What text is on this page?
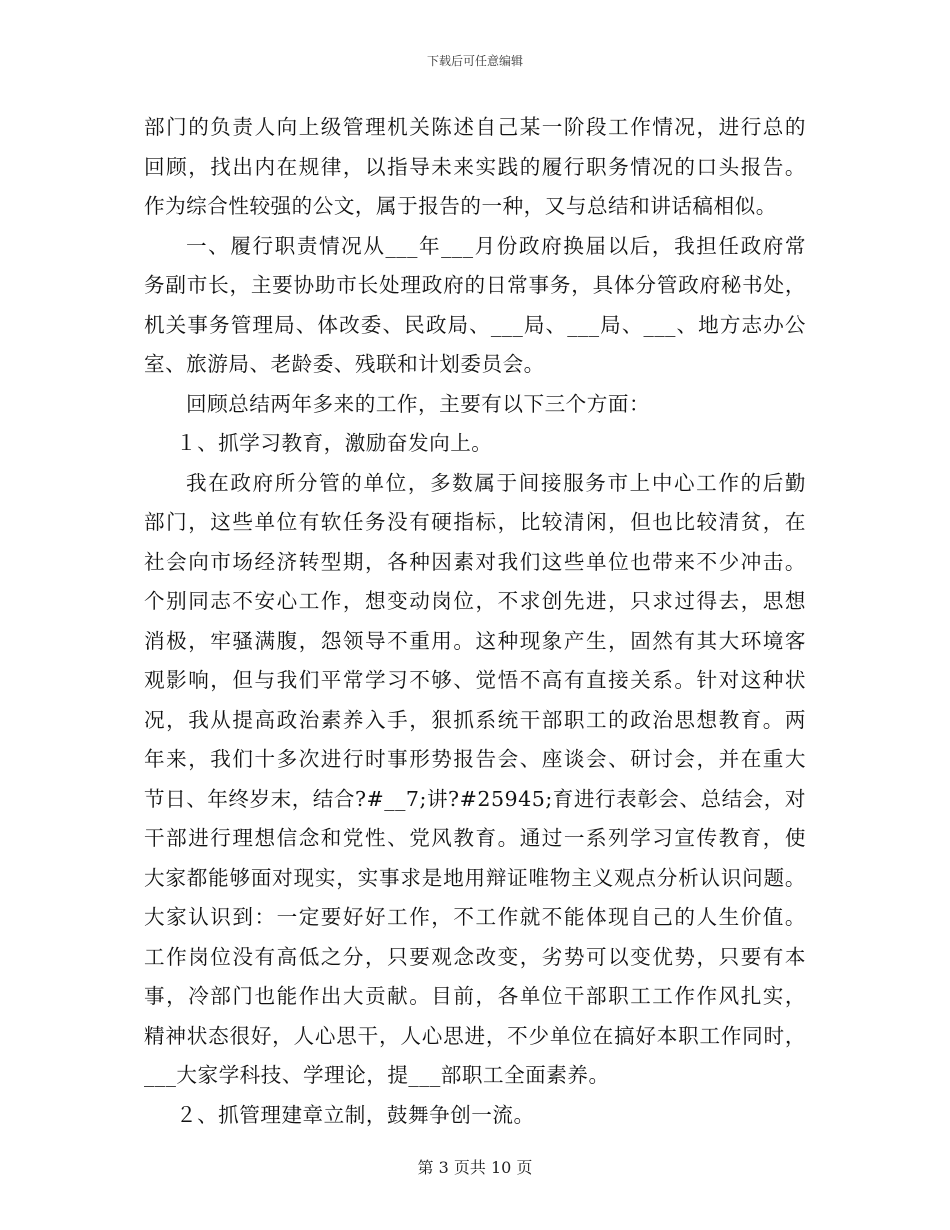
下载后可任意编辑
部门的负责人向上级管理机关陈述自己某一阶段工作情况，进行总的
回顾，找出内在规律，以指导未来实践的履行职务情况的口头报告。
作为综合性较强的公文，属于报告的一种，又与总结和讲话稿相似。
一、履行职责情况从___年___月份政府换届以后，我担任政府常
务副市长，主要协助市长处理政府的日常事务，具体分管政府秘书处，
机关事务管理局、体改委、民政局、___局、___局、___、地方志办公
室、旅游局、老龄委、残联和计划委员会。
回顾总结两年多来的工作，主要有以下三个方面：
１、抓学习教育，激励奋发向上。
我在政府所分管的单位，多数属于间接服务市上中心工作的后勤
部门，这些单位有软任务没有硬指标，比较清闲，但也比较清贫，在
社会向市场经济转型期，各种因素对我们这些单位也带来不少冲击。
个别同志不安心工作，想变动岗位，不求创先进，只求过得去，思想
消极，牢骚满腹，怨领导不重用。这种现象产生，固然有其大环境客
观影响，但与我们平常学习不够、觉悟不高有直接关系。针对这种状
况，我从提高政治素养入手，狠抓系统干部职工的政治思想教育。两
年来，我们十多次进行时事形势报告会、座谈会、研讨会，并在重大
节日、年终岁末，结合?#__7;讲?#25945;育进行表彰会、总结会，对
干部进行理想信念和党性、党风教育。通过一系列学习宣传教育，使
大家都能够面对现实，实事求是地用辩证唯物主义观点分析认识问题。
大家认识到：一定要好好工作，不工作就不能体现自己的人生价值。
工作岗位没有高低之分，只要观念改变，劣势可以变优势，只要有本
事，冷部门也能作出大贡献。目前，各单位干部职工工作作风扎实，
精神状态很好，人心思干，人心思进，不少单位在搞好本职工作同时，
___大家学科技、学理论，提___部职工全面素养。
２、抓管理建章立制，鼓舞争创一流。
第 3 页共 10 页
